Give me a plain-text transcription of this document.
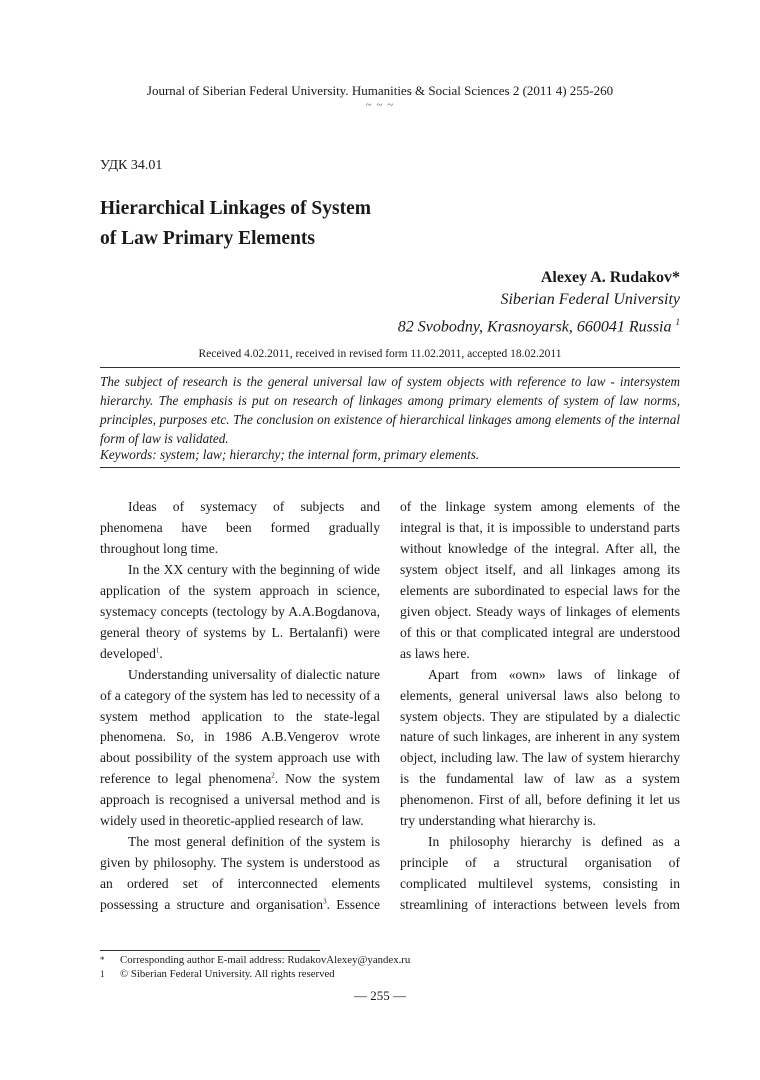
Journal of Siberian Federal University. Humanities & Social Sciences 2 (2011 4) 255-260
~ ~ ~
УДК 34.01
Hierarchical Linkages of System
of Law Primary Elements
Alexey A. Rudakov*
Siberian Federal University
82 Svobodny, Krasnoyarsk, 660041 Russia $^1$
Received 4.02.2011, received in revised form 11.02.2011, accepted 18.02.2011
The subject of research is the general universal law of system objects with reference to law - intersystem hierarchy. The emphasis is put on research of linkages among primary elements of system of law norms, principles, purposes etc. The conclusion on existence of hierarchical linkages among elements of the internal form of law is validated.
Keywords: system; law; hierarchy; the internal form, primary elements.

Ideas of systemacy of subjects and phenomena have been formed gradually throughout long time.

In the XX century with the beginning of wide application of the system approach in science, systemacy concepts (tectology by A.A.Bogdanova, general theory of systems by L. Bertalanfi) were developed$^1$.

Understanding universality of dialectic nature of a category of the system has led to necessity of a system method application to the state-legal phenomena. So, in 1986 A.B.Vengerov wrote about possibility of the system approach use with reference to legal phenomena$^2$. Now the system approach is recognised a universal method and is widely used in theoretic-applied research of law.

The most general definition of the system is given by philosophy. The system is understood as an ordered set of interconnected elements possessing a structure and organisation$^3$. Essence

of the linkage system among elements of the integral is that, it is impossible to understand parts without knowledge of the integral. After all, the system object itself, and all linkages among its elements are subordinated to especial laws for the given object. Steady ways of linkages of elements of this or that complicated integral are understood as laws here.

Apart from «own» laws of linkage of elements, general universal laws also belong to system objects. They are stipulated by a dialectic nature of such linkages, are inherent in any system object, including law. The law of system hierarchy is the fundamental law of law as a system phenomenon. First of all, before defining it let us try understanding what hierarchy is.

In philosophy hierarchy is defined as a principle of a structural organisation of complicated multilevel systems, consisting in streamlining of interactions between levels from

*	Corresponding author E-mail address: RudakovAlexey@yandex.ru
1	© Siberian Federal University. All rights reserved
— 255 —
